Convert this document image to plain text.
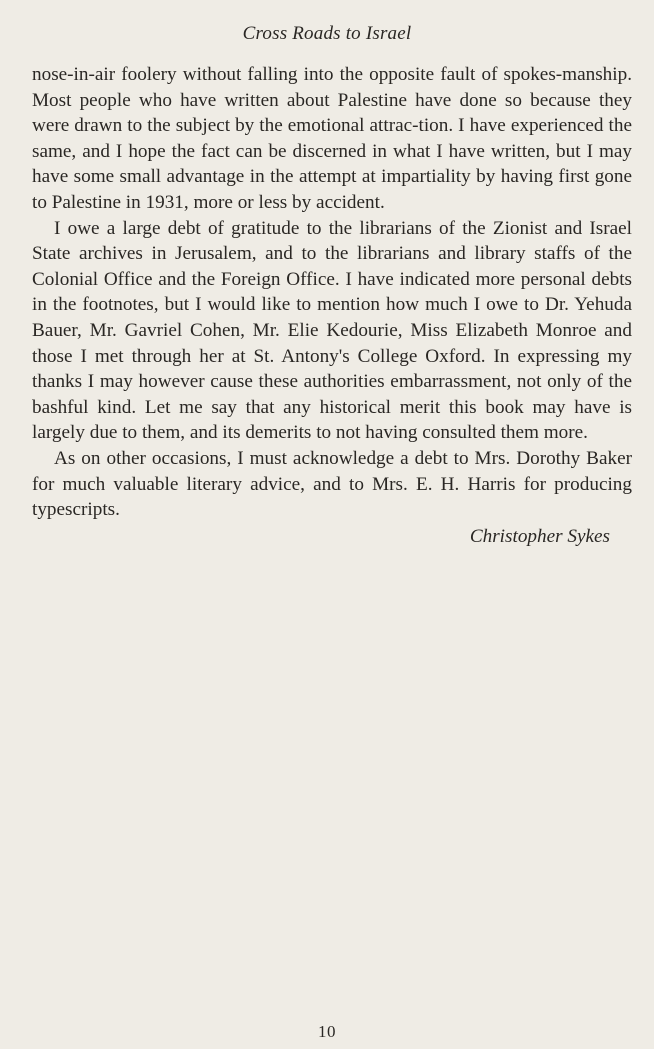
Cross Roads to Israel

nose-in-air foolery without falling into the opposite fault of spokes-manship. Most people who have written about Palestine have done so because they were drawn to the subject by the emotional attrac-tion. I have experienced the same, and I hope the fact can be discerned in what I have written, but I may have some small advantage in the attempt at impartiality by having first gone to Palestine in 1931, more or less by accident.

I owe a large debt of gratitude to the librarians of the Zionist and Israel State archives in Jerusalem, and to the librarians and library staffs of the Colonial Office and the Foreign Office. I have indicated more personal debts in the footnotes, but I would like to mention how much I owe to Dr. Yehuda Bauer, Mr. Gavriel Cohen, Mr. Elie Kedourie, Miss Elizabeth Monroe and those I met through her at St. Antony's College Oxford. In expressing my thanks I may however cause these authorities embarrassment, not only of the bashful kind. Let me say that any historical merit this book may have is largely due to them, and its demerits to not having consulted them more.

As on other occasions, I must acknowledge a debt to Mrs. Dorothy Baker for much valuable literary advice, and to Mrs. E. H. Harris for producing typescripts.

Christopher Sykes

10
